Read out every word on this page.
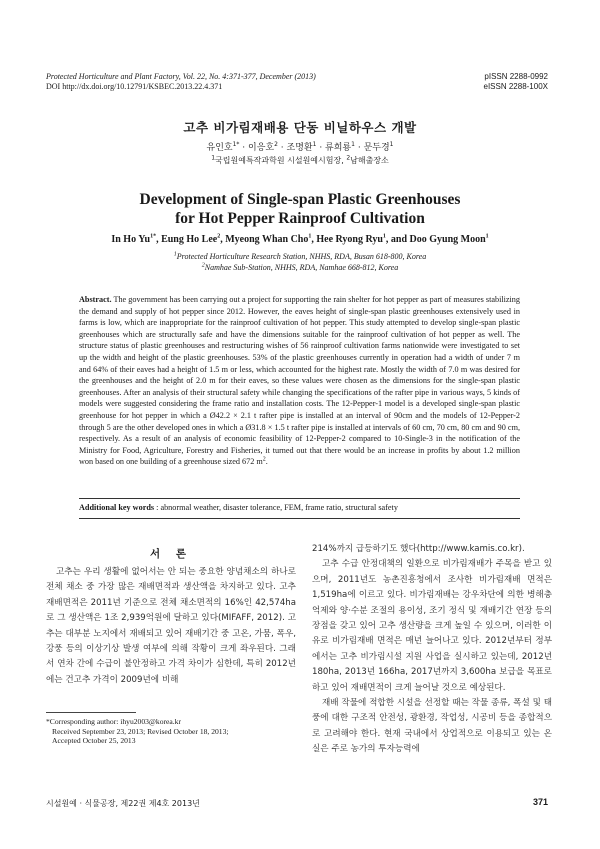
Protected Horticulture and Plant Factory, Vol. 22, No. 4:371-377, December (2013)
DOI http://dx.doi.org/10.12791/KSBEC.2013.22.4.371
pISSN 2288-0992
eISSN 2288-100X
고추 비가림재배용 단동 비닐하우스 개발
유인호$^{1*}$ · 이응호$^2$ · 조명환$^1$ · 류희룡$^1$ · 문두경$^1$
$^1$국립원예특작과학원 시설원예시험장, $^2$남해출장소
Development of Single-span Plastic Greenhouses
for Hot Pepper Rainproof Cultivation
In Ho $Yu^{1*}$, Eung Ho Lee$^2$, Myeong Whan Cho$^1$, Hee Ryong Ryu$^1$, and Doo Gyung Moon$^1$
$^1$Protected Horticulture Research Station, NHHS, RDA, Busan 618-800, Korea
$^2$Namhae Sub-Station, NHHS, RDA, Namhae 668-812, Korea
Abstract. The government has been carrying out a project for supporting the rain shelter for hot pepper as part of measures stabilizing the demand and supply of hot pepper since 2012. However, the eaves height of single-span plastic greenhouses extensively used in farms is low, which are inappropriate for the rainproof cultivation of hot pepper. This study attempted to develop single-span plastic greenhouses which are structurally safe and have the dimensions suitable for the rainproof cultivation of hot pepper as well. The structure status of plastic greenhouses and restructuring wishes of 56 rainproof cultivation farms nationwide were investigated to set up the width and height of the plastic greenhouses. 53% of the plastic greenhouses currently in operation had a width of under 7 m and 64% of their eaves had a height of 1.5 m or less, which accounted for the highest rate. Mostly the width of 7.0 m was desired for the greenhouses and the height of 2.0 m for their eaves, so these values were chosen as the dimensions for the single-span plastic greenhouses. After an analysis of their structural safety while changing the specifications of the rafter pipe in various ways, 5 kinds of models were suggested considering the frame ratio and installation costs. The 12-Pepper-1 model is a developed single-span plastic greenhouse for hot pepper in which a Ø42.2 × 2.1 t rafter pipe is installed at an interval of 90cm and the models of 12-Pepper-2 through 5 are the other developed ones in which a Ø31.8 × 1.5 t rafter pipe is installed at intervals of 60 cm, 70 cm, 80 cm and 90 cm, respectively. As a result of an analysis of economic feasibility of 12-Pepper-2 compared to 10-Single-3 in the notification of the Ministry for Food, Agriculture, Forestry and Fisheries, it turned out that there would be an increase in profits by about 1.2 million won based on one building of a greenhouse sized 672 $m^2$.
Additional key words : abnormal weather, disaster tolerance, FEM, frame ratio, structural safety
서 론

고추는 우리 생활에 없어서는 안 되는 중요한 양념채소의 하나로 전체 채소 중 가장 많은 재배면적과 생산액을 차지하고 있다. 고추 재배면적은 2011년 기준으로 전체 채소면적의 16%인 42,574ha로 그 생산액은 1조 2,939억원에 달하고 있다(MIFAFF, 2012). 고추는 대부분 노지에서 재배되고 있어 재배기간 중 고온, 가뭄, 폭우, 강풍 등의 이상기상 발생 여부에 의해 작황이 크게 좌우된다. 그래서 연차 간에 수급이 불안정하고 가격 차이가 심한데, 특히 2012년에는 건고추 가격이 2009년에 비해

214%까지 급등하기도 했다(http://www.kamis.co.kr).

고추 수급 안정대책의 일환으로 비가림재배가 주목을 받고 있으며, 2011년도 농촌진흥청에서 조사한 비가림재배 면적은 1,519ha에 이르고 있다. 비가림재배는 강우차단에 의한 병해충 억제와 양·수분 조절의 용이성, 조기 정식 및 재배기간 연장 등의 장점을 갖고 있어 고추 생산량을 크게 높일 수 있으며, 이러한 이유로 비가림재배 면적은 매년 늘어나고 있다. 2012년부터 정부에서는 고추 비가림시설 지원 사업을 실시하고 있는데, 2012년 180ha, 2013년 166ha, 2017년까지 3,600ha 보급을 목표로 하고 있어 재배면적이 크게 늘어날 것으로 예상된다.

재배 작물에 적합한 시설을 선정할 때는 작물 종류, 폭설 및 태풍에 대한 구조적 안전성, 광환경, 작업성, 시공비 등을 종합적으로 고려해야 한다. 현재 국내에서 상업적으로 이용되고 있는 온실은 주로 농가의 투자능력에

*Corresponding author: ihyu2003@korea.kr
Received September 23, 2013; Revised October 18, 2013;
Accepted October 25, 2013
시설원예 · 식물공장, 제22권 제4호 2013년	371
